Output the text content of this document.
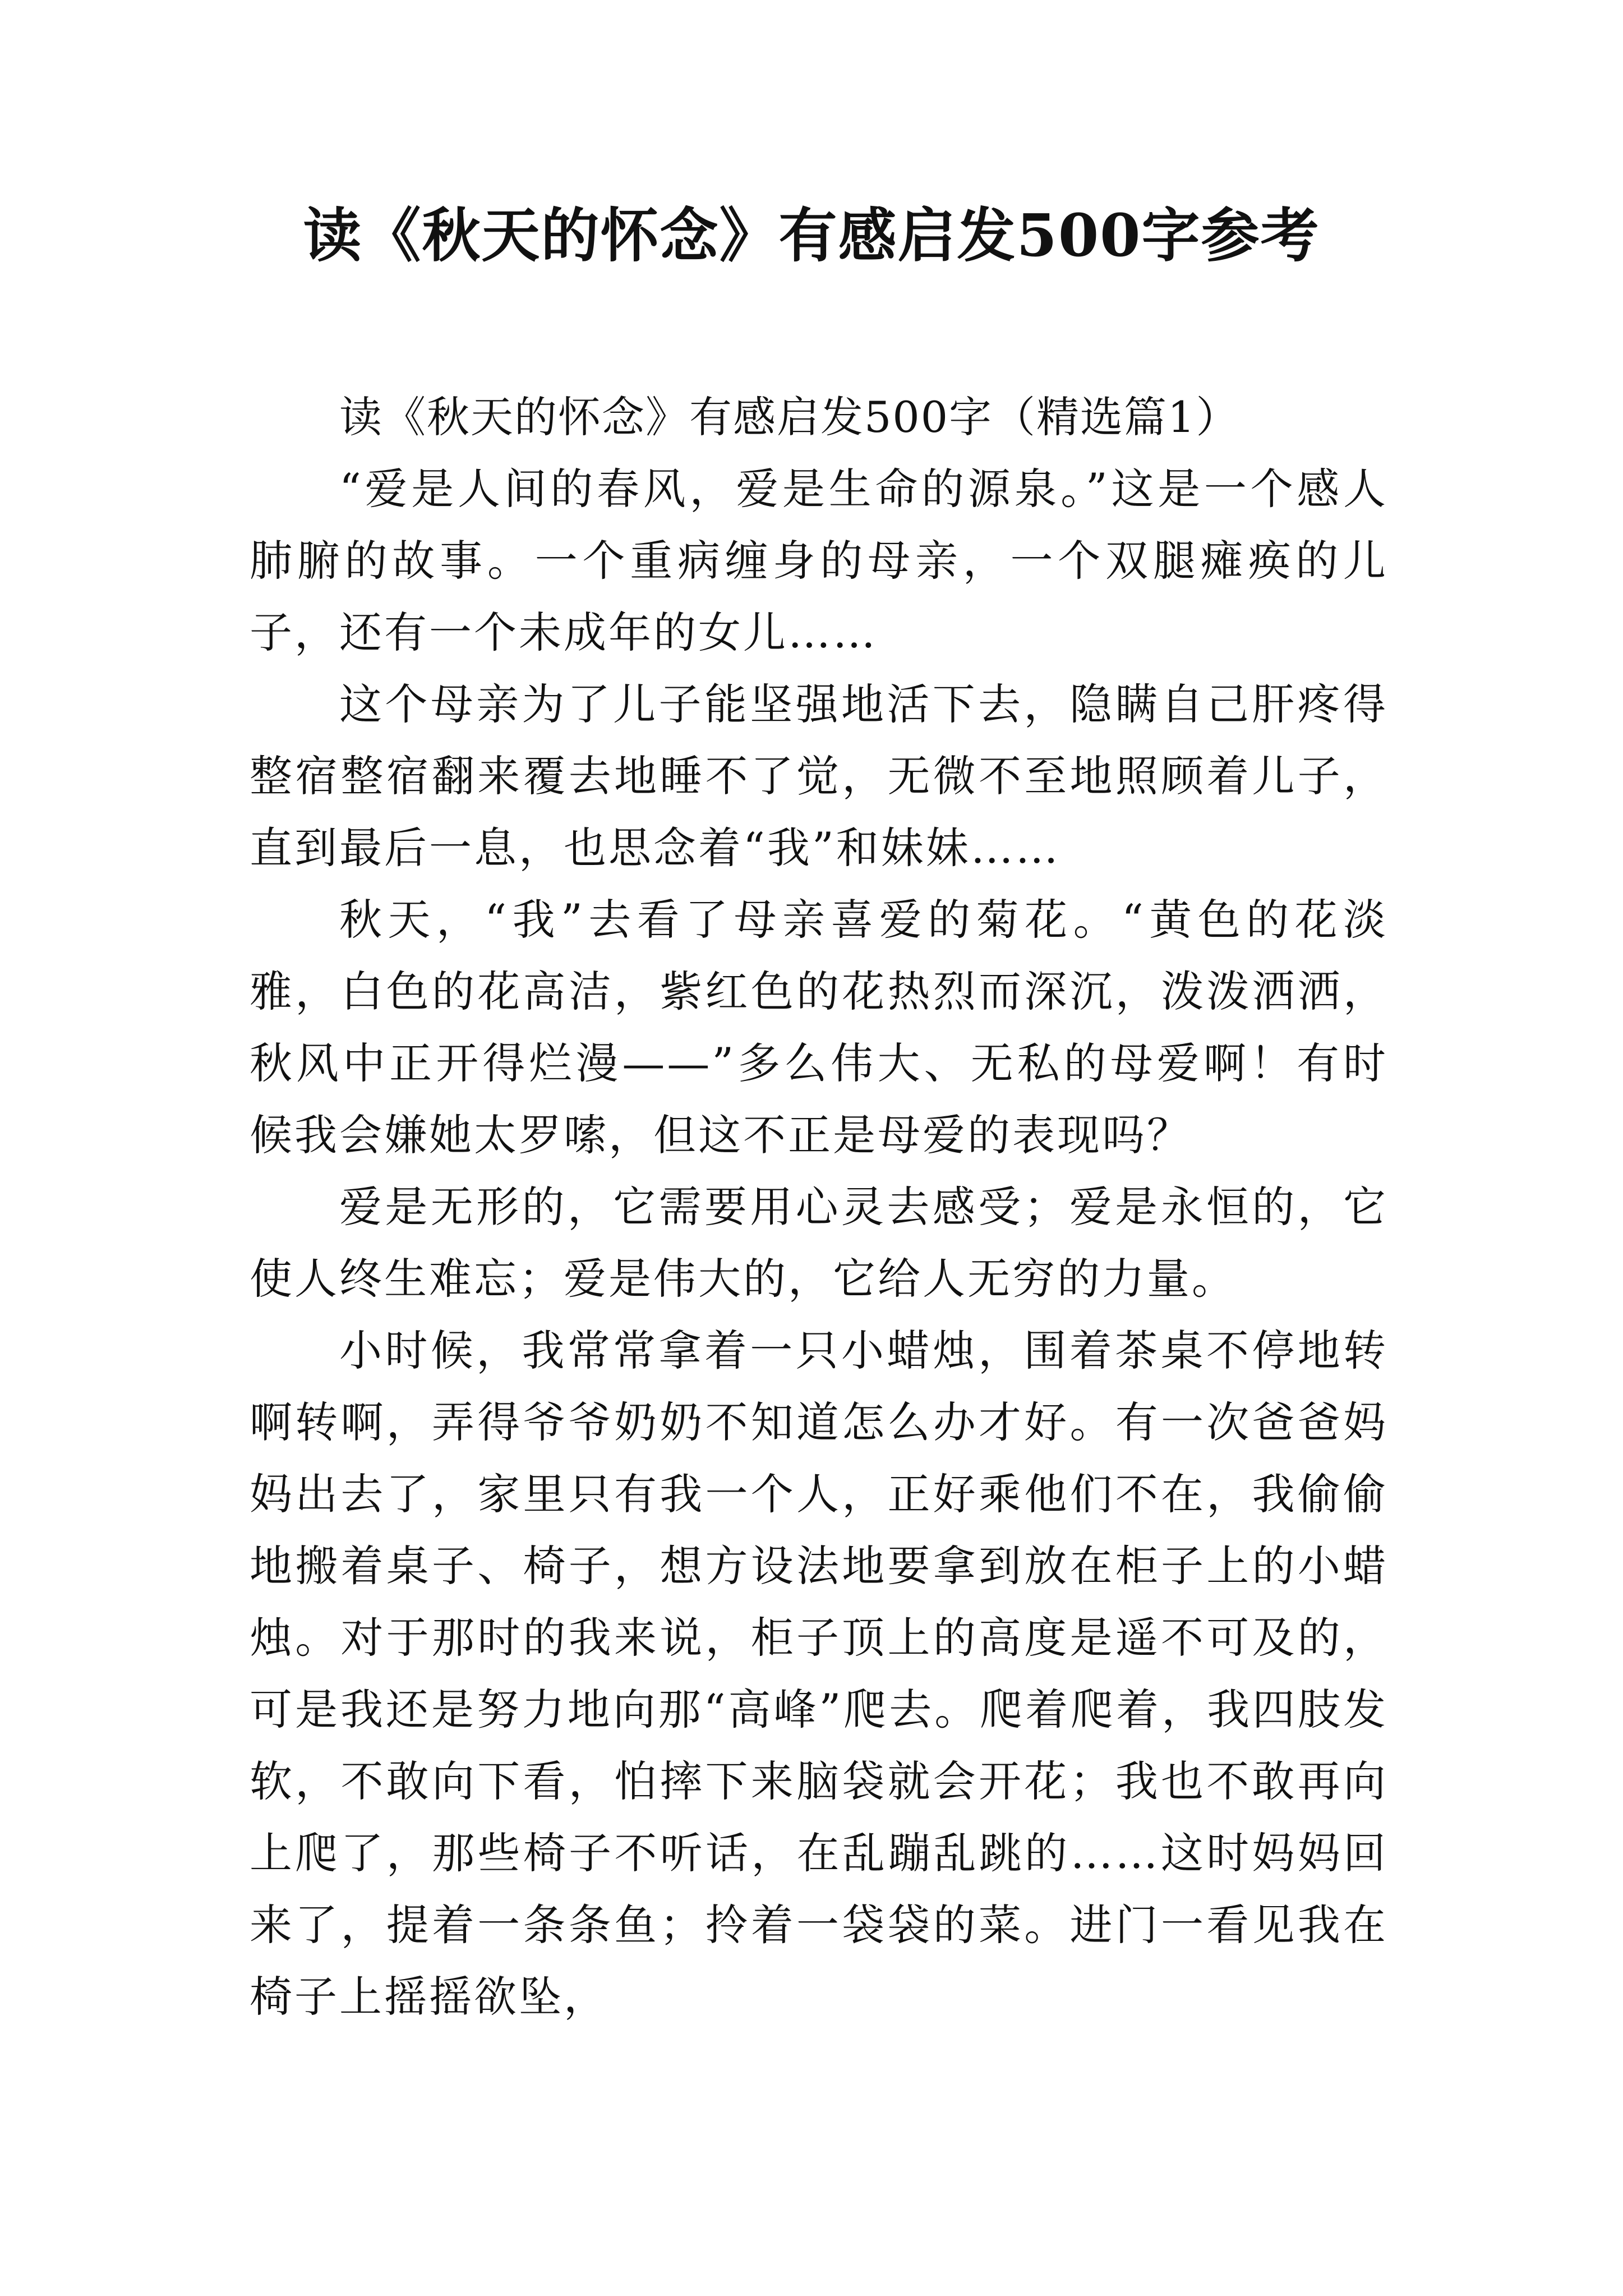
读《秋天的怀念》有感启发500字参考

读《秋天的怀念》有感启发500字（精选篇1）

“爱是人间的春风，爱是生命的源泉。”这是一个感人肺腑的故事。一个重病缠身的母亲，一个双腿瘫痪的儿子，还有一个未成年的女儿……

这个母亲为了儿子能坚强地活下去，隐瞒自己肝疼得整宿整宿翻来覆去地睡不了觉，无微不至地照顾着儿子，直到最后一息，也思念着“我”和妹妹……

秋天，“我”去看了母亲喜爱的菊花。“黄色的花淡雅，白色的花高洁，紫红色的花热烈而深沉，泼泼洒洒，秋风中正开得烂漫——”多么伟大、无私的母爱啊！有时候我会嫌她太罗嗦，但这不正是母爱的表现吗？

爱是无形的，它需要用心灵去感受；爱是永恒的，它使人终生难忘；爱是伟大的，它给人无穷的力量。

小时候，我常常拿着一只小蜡烛，围着茶桌不停地转啊转啊，弄得爷爷奶奶不知道怎么办才好。有一次爸爸妈妈出去了，家里只有我一个人，正好乘他们不在，我偷偷地搬着桌子、椅子，想方设法地要拿到放在柜子上的小蜡烛。对于那时的我来说，柜子顶上的高度是遥不可及的，可是我还是努力地向那“高峰”爬去。爬着爬着，我四肢发软，不敢向下看，怕摔下来脑袋就会开花；我也不敢再向上爬了，那些椅子不听话，在乱蹦乱跳的……这时妈妈回来了，提着一条条鱼；拎着一袋袋的菜。进门一看见我在椅子上摇摇欲坠，
